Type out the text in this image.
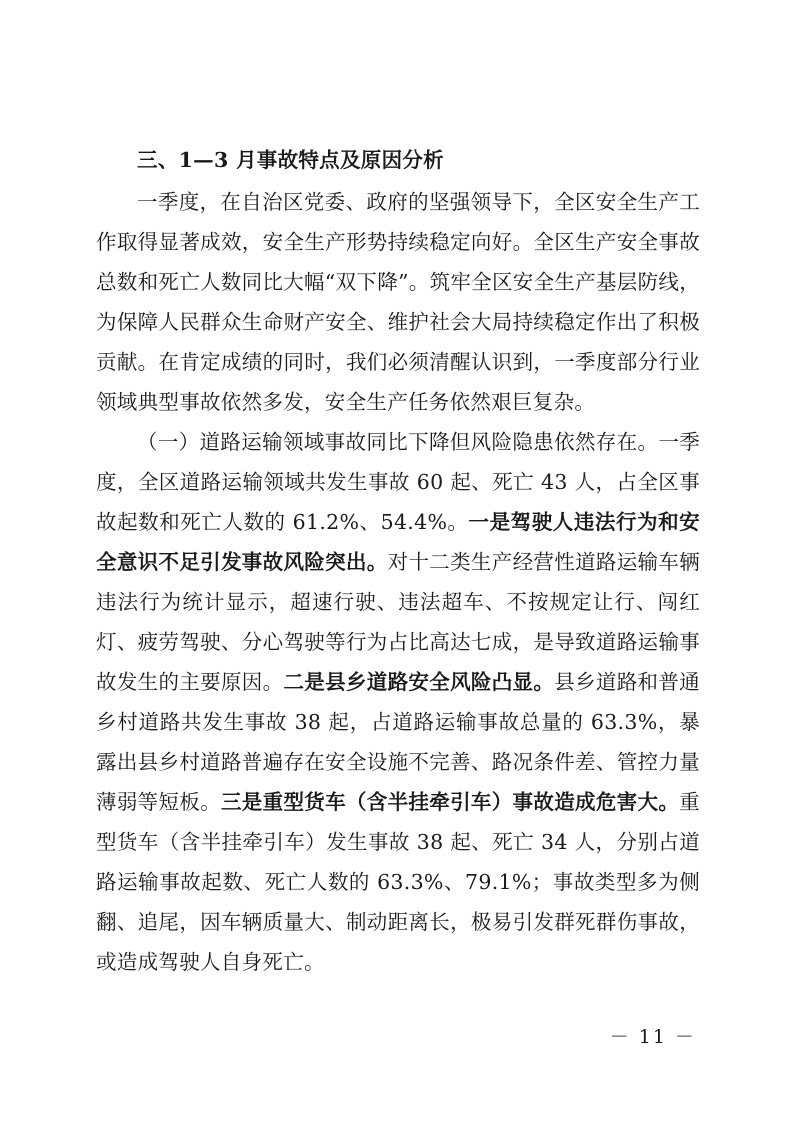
三、1—3 月事故特点及原因分析

一季度，在自治区党委、政府的坚强领导下，全区安全生产工作取得显著成效，安全生产形势持续稳定向好。全区生产安全事故总数和死亡人数同比大幅“双下降”。筑牢全区安全生产基层防线，为保障人民群众生命财产安全、维护社会大局持续稳定作出了积极贡献。在肯定成绩的同时，我们必须清醒认识到，一季度部分行业领域典型事故依然多发，安全生产任务依然艰巨复杂。

（一）道路运输领域事故同比下降但风险隐患依然存在。一季度，全区道路运输领域共发生事故 60 起、死亡 43 人，占全区事故起数和死亡人数的 61.2%、54.4%。一是驾驶人违法行为和安全意识不足引发事故风险突出。对十二类生产经营性道路运输车辆违法行为统计显示，超速行驶、违法超车、不按规定让行、闯红灯、疲劳驾驶、分心驾驶等行为占比高达七成，是导致道路运输事故发生的主要原因。二是县乡道路安全风险凸显。县乡道路和普通乡村道路共发生事故 38 起，占道路运输事故总量的 63.3%，暴露出县乡村道路普遍存在安全设施不完善、路况条件差、管控力量薄弱等短板。三是重型货车（含半挂牵引车）事故造成危害大。重型货车（含半挂牵引车）发生事故 38 起、死亡 34 人，分别占道路运输事故起数、死亡人数的 63.3%、79.1%；事故类型多为侧翻、追尾，因车辆质量大、制动距离长，极易引发群死群伤事故，或造成驾驶人自身死亡。

－ 11 －
